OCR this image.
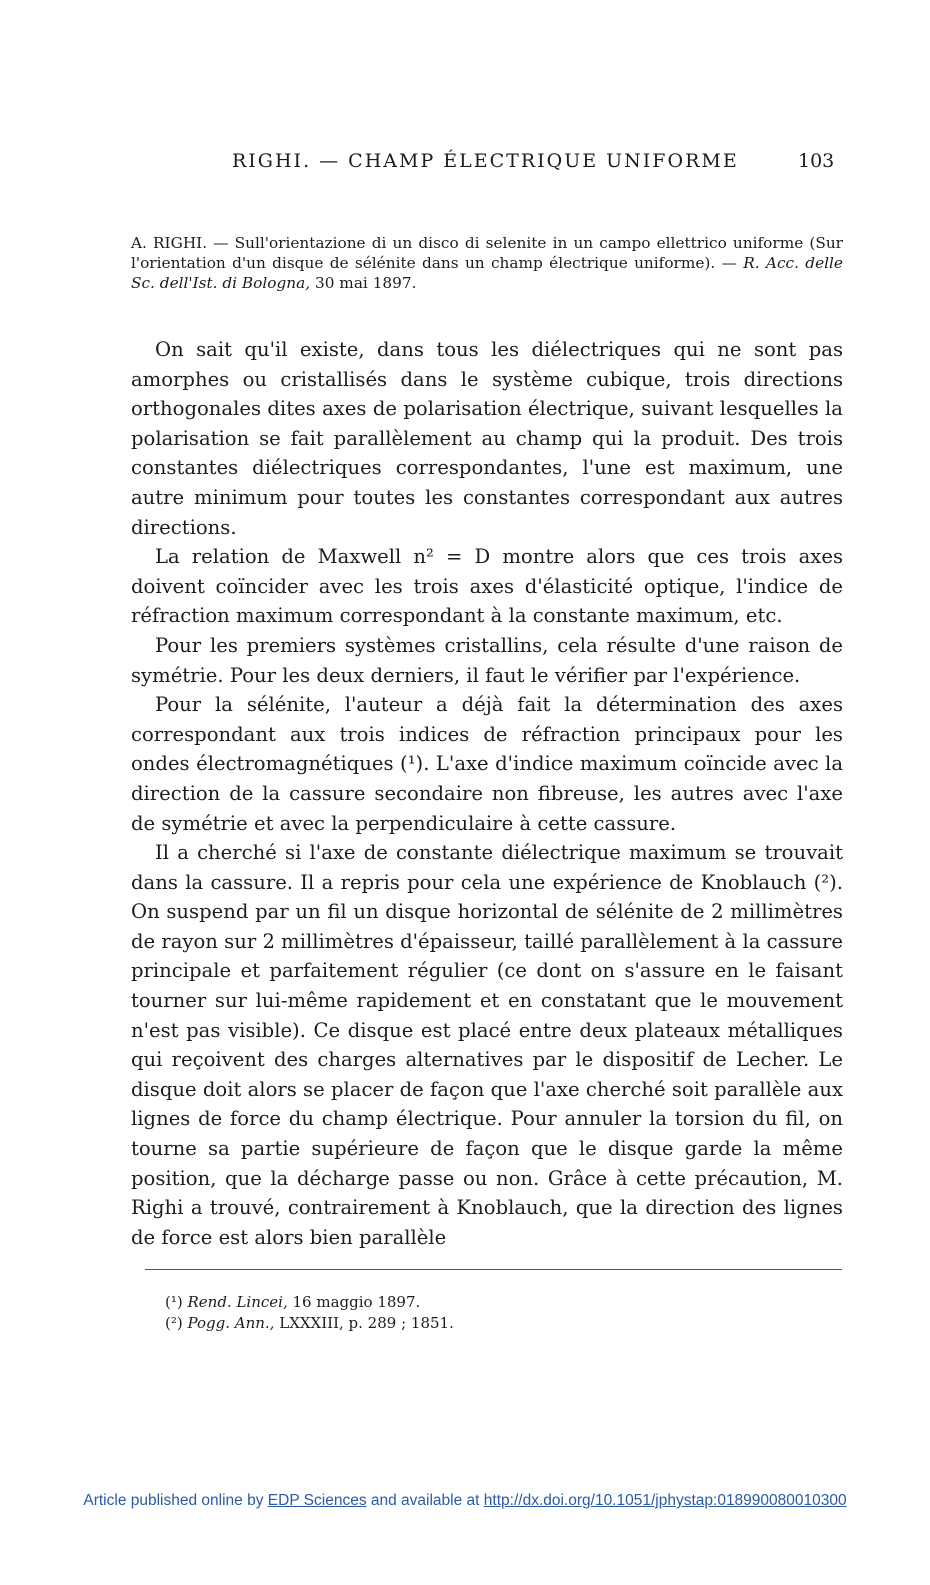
RIGHI. — CHAMP ÉLECTRIQUE UNIFORME	103
A. RIGHI. — Sull'orientazione di un disco di selenite in un campo ellettrico uniforme (Sur l'orientation d'un disque de sélénite dans un champ électrique uniforme). — R. Acc. delle Sc. dell'Ist. di Bologna, 30 mai 1897.

On sait qu'il existe, dans tous les diélectriques qui ne sont pas amorphes ou cristallisés dans le système cubique, trois directions orthogonales dites axes de polarisation électrique, suivant lesquelles la polarisation se fait parallèlement au champ qui la produit. Des trois constantes diélectriques correspondantes, l'une est maximum, une autre minimum pour toutes les constantes correspondant aux autres directions.

La relation de Maxwell n² = D montre alors que ces trois axes doivent coïncider avec les trois axes d'élasticité optique, l'indice de réfraction maximum correspondant à la constante maximum, etc.

Pour les premiers systèmes cristallins, cela résulte d'une raison de symétrie. Pour les deux derniers, il faut le vérifier par l'expérience.

Pour la sélénite, l'auteur a déjà fait la détermination des axes correspondant aux trois indices de réfraction principaux pour les ondes électromagnétiques (¹). L'axe d'indice maximum coïncide avec la direction de la cassure secondaire non fibreuse, les autres avec l'axe de symétrie et avec la perpendiculaire à cette cassure.

Il a cherché si l'axe de constante diélectrique maximum se trouvait dans la cassure. Il a repris pour cela une expérience de Knoblauch (²). On suspend par un fil un disque horizontal de sélénite de 2 millimètres de rayon sur 2 millimètres d'épaisseur, taillé parallèlement à la cassure principale et parfaitement régulier (ce dont on s'assure en le faisant tourner sur lui-même rapidement et en constatant que le mouvement n'est pas visible). Ce disque est placé entre deux plateaux métalliques qui reçoivent des charges alternatives par le dispositif de Lecher. Le disque doit alors se placer de façon que l'axe cherché soit parallèle aux lignes de force du champ électrique. Pour annuler la torsion du fil, on tourne sa partie supérieure de façon que le disque garde la même position, que la décharge passe ou non. Grâce à cette précaution, M. Righi a trouvé, contrairement à Knoblauch, que la direction des lignes de force est alors bien parallèle

(¹) Rend. Lincei, 16 maggio 1897.
(²) Pogg. Ann., LXXXIII, p. 289 ; 1851.
Article published online by EDP Sciences and available at http://dx.doi.org/10.1051/jphystap:018990080010300
